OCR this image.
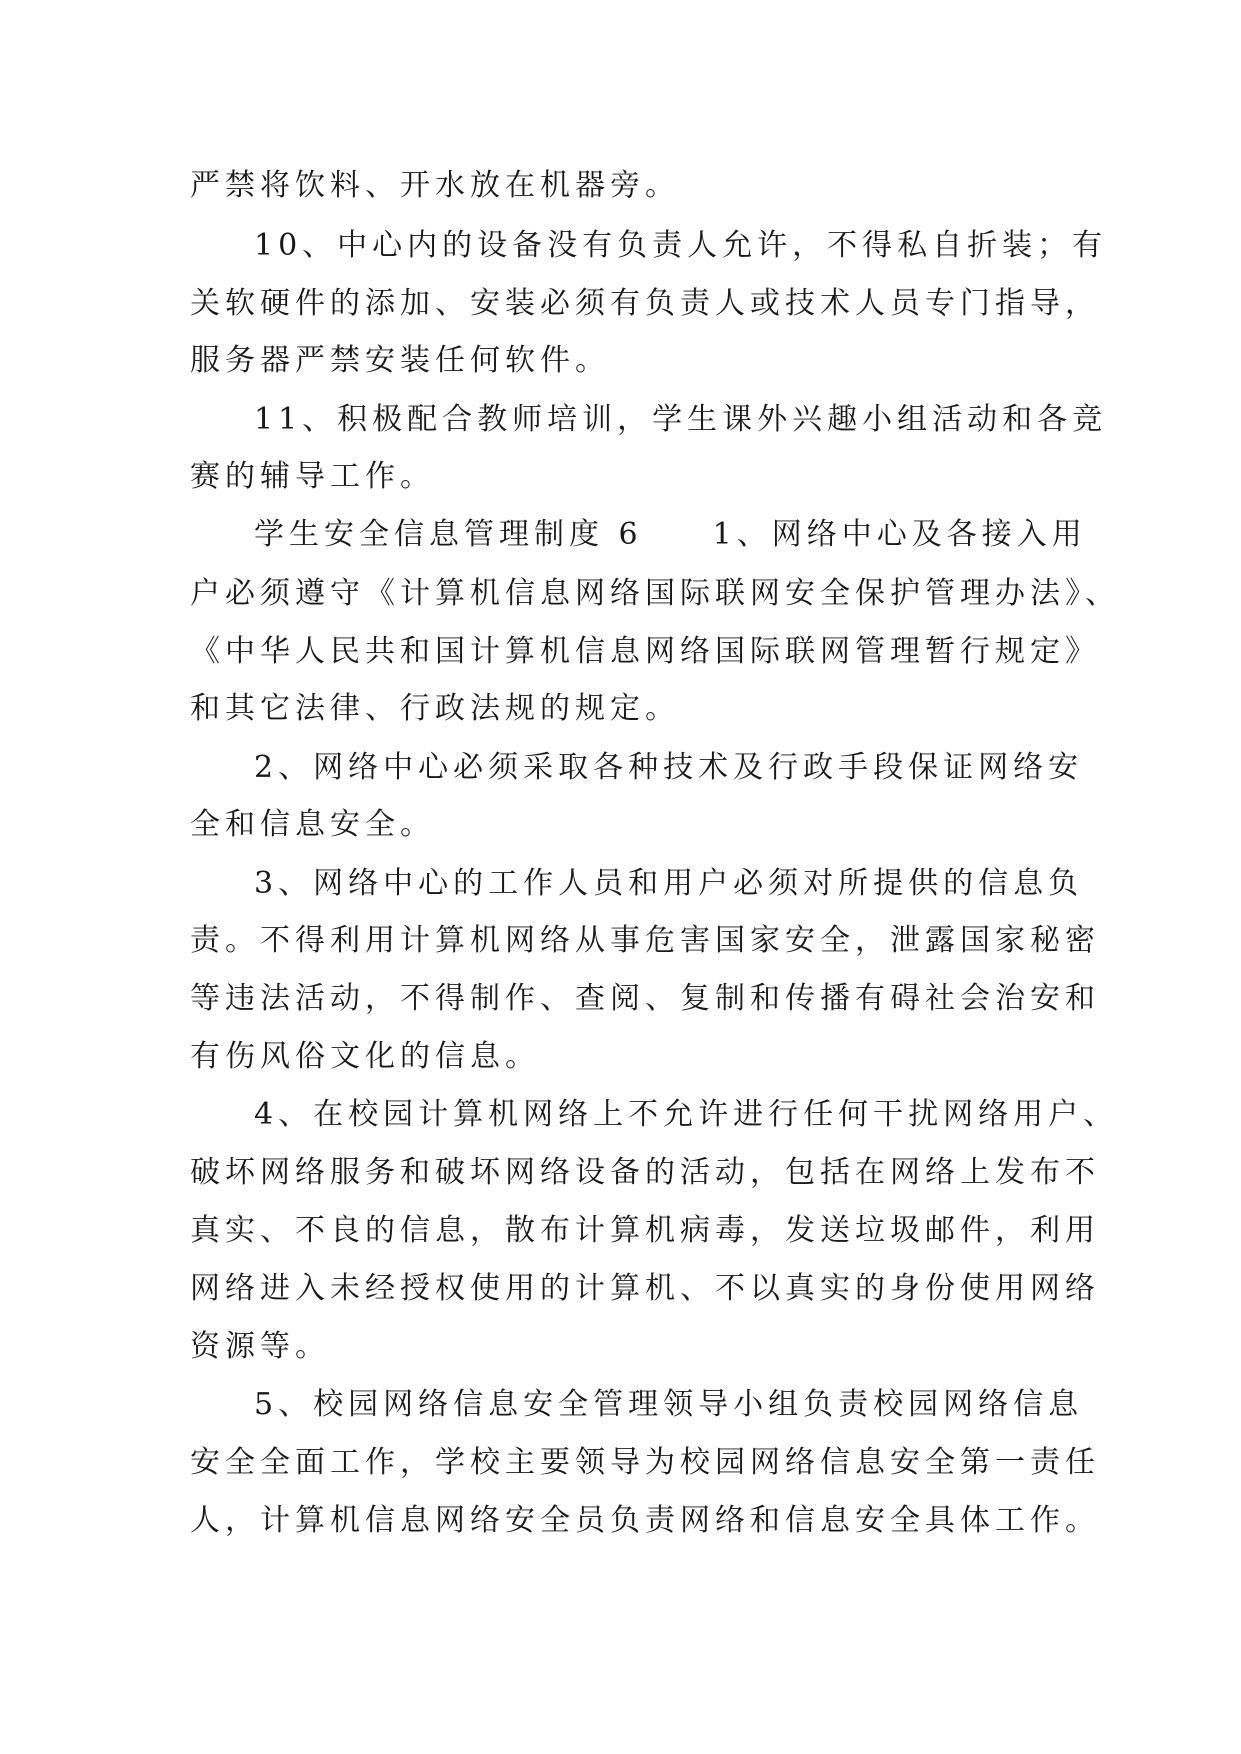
严禁将饮料、开水放在机器旁。
10、中心内的设备没有负责人允许，不得私自折装；有
关软硬件的添加、安装必须有负责人或技术人员专门指导，
服务器严禁安装任何软件。
11、积极配合教师培训，学生课外兴趣小组活动和各竞
赛的辅导工作。
学生安全信息管理制度 6　　1、网络中心及各接入用
户必须遵守《计算机信息网络国际联网安全保护管理办法》、
《中华人民共和国计算机信息网络国际联网管理暂行规定》
和其它法律、行政法规的规定。
2、网络中心必须采取各种技术及行政手段保证网络安
全和信息安全。
3、网络中心的工作人员和用户必须对所提供的信息负
责。不得利用计算机网络从事危害国家安全，泄露国家秘密
等违法活动，不得制作、查阅、复制和传播有碍社会治安和
有伤风俗文化的信息。
4、在校园计算机网络上不允许进行任何干扰网络用户、
破坏网络服务和破坏网络设备的活动，包括在网络上发布不
真实、不良的信息，散布计算机病毒，发送垃圾邮件，利用
网络进入未经授权使用的计算机、不以真实的身份使用网络
资源等。
5、校园网络信息安全管理领导小组负责校园网络信息
安全全面工作，学校主要领导为校园网络信息安全第一责任
人，计算机信息网络安全员负责网络和信息安全具体工作。
